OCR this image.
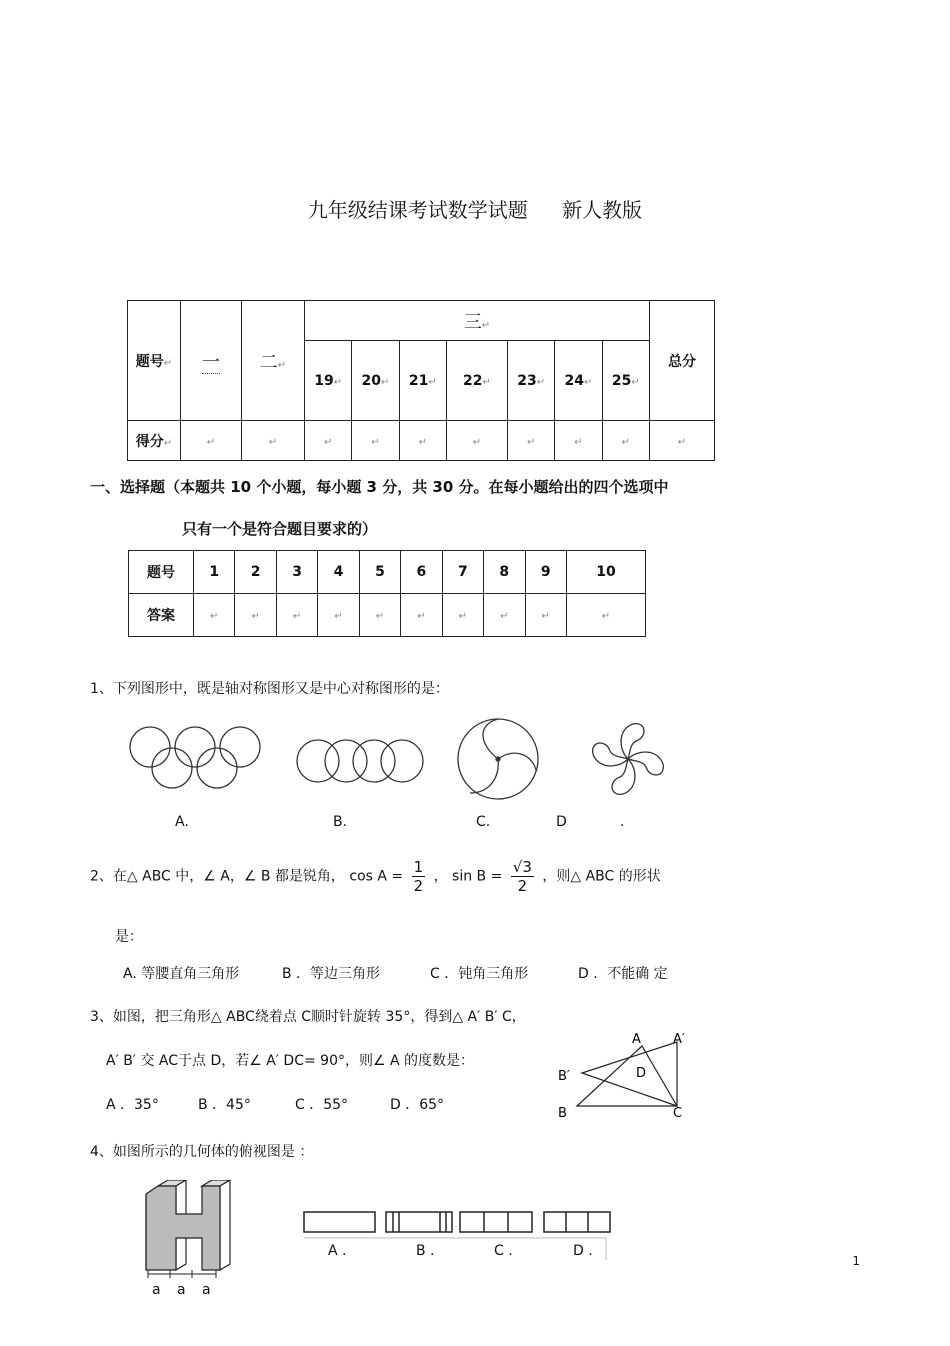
九年级结课考试数学试题 新人教版
题号↵	一	二↵	三↵							总分
			19↵	20↵	21↵	22↵	23↵	24↵	25↵	
得分↵	↵	↵	↵	↵	↵	↵	↵	↵	↵	↵
一、选择题（本题共 10 个小题，每小题 3 分，共 30 分。在每小题给出的四个选项中
只有一个是符合题目要求的）
题号	1	2	3	4	5	6	7	8	9	10
答案	↵	↵	↵	↵	↵	↵	↵	↵	↵	↵
1、下列图形中，既是轴对称图形又是中心对称图形的是：
A.	B.	C.	D	.
2、在△ ABC 中，∠ A，∠ B 都是锐角， $\cos A = \frac{1}{2}$ ， $\sin B = \frac{√3}{2}$ ，则△ ABC 的形状
是：
A. 等腰直角三角形	B ．等边三角形	C ．钝角三角形	D ．不能确 定
3、如图，把三角形△ ABC绕着点 C顺时针旋转 35°，得到△ A′ B′ C，
A′ B′ 交 AC于点 D，若∠ A′ DC= 90°，则∠ A 的度数是：
A ．35°	B ．45°	C ．55°	D ．65°
A A′
B′	D
B	C
4、如图所示的几何体的俯视图是 ：
a a a
A .	B .	C .	D .
1
